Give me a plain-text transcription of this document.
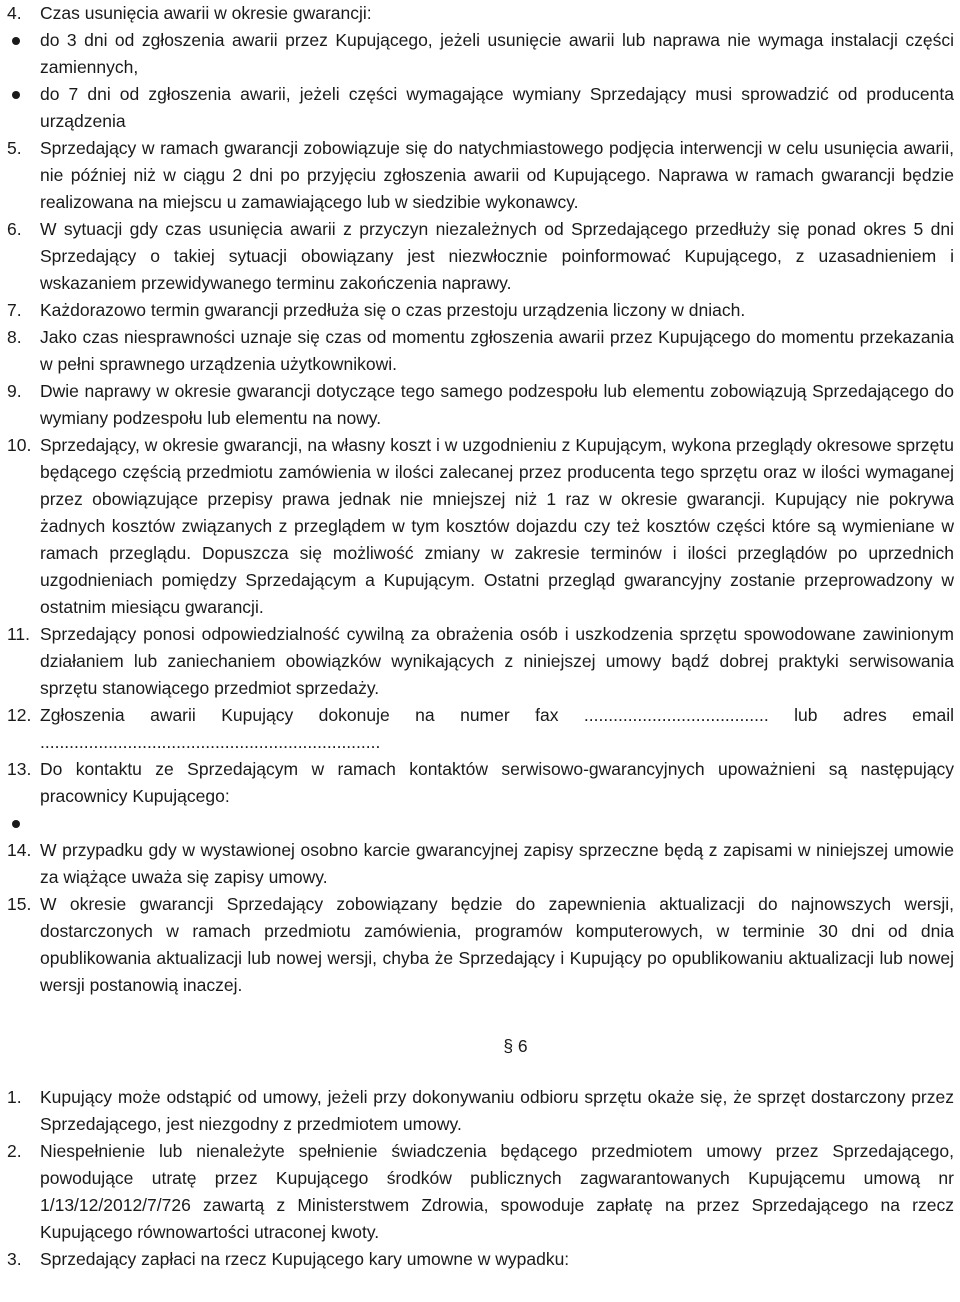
4.	Czas usunięcia awarii w okresie gwarancji:
do 3 dni od zgłoszenia awarii przez Kupującego, jeżeli usunięcie awarii lub naprawa nie wymaga instalacji części zamiennych,
do 7 dni od zgłoszenia awarii, jeżeli części wymagające wymiany Sprzedający musi sprowadzić od producenta urządzenia
5.	Sprzedający w ramach gwarancji zobowiązuje się do natychmiastowego podjęcia interwencji w celu usunięcia awarii, nie później niż w ciągu 2 dni po przyjęciu zgłoszenia awarii od Kupującego. Naprawa w ramach gwarancji będzie realizowana na miejscu u zamawiającego lub w siedzibie wykonawcy.
6.	W sytuacji gdy czas usunięcia awarii z przyczyn niezależnych od Sprzedającego przedłuży się ponad okres 5 dni Sprzedający o takiej sytuacji obowiązany jest niezwłocznie poinformować Kupującego, z uzasadnieniem i wskazaniem przewidywanego terminu zakończenia naprawy.
7.	Każdorazowo termin gwarancji przedłuża się o czas przestoju urządzenia liczony w dniach.
8.	Jako czas niesprawności uznaje się czas od momentu zgłoszenia awarii przez Kupującego do momentu przekazania w pełni sprawnego urządzenia użytkownikowi.
9.	Dwie naprawy w okresie gwarancji dotyczące tego samego podzespołu lub elementu zobowiązują Sprzedającego do wymiany podzespołu lub elementu na nowy.
10. Sprzedający, w okresie gwarancji, na własny koszt i w uzgodnieniu z Kupującym, wykona przeglądy okresowe sprzętu będącego częścią przedmiotu zamówienia w ilości zalecanej przez producenta tego sprzętu oraz w ilości wymaganej przez obowiązujące przepisy prawa jednak nie mniejszej niż 1 raz w okresie gwarancji. Kupujący nie pokrywa żadnych kosztów związanych z przeglądem w tym kosztów dojazdu czy też kosztów części które są wymieniane w ramach przeglądu. Dopuszcza się możliwość zmiany w zakresie terminów i ilości przeglądów po uprzednich uzgodnieniach pomiędzy Sprzedającym a Kupującym. Ostatni przegląd gwarancyjny zostanie przeprowadzony w ostatnim miesiącu gwarancji.
11. Sprzedający ponosi odpowiedzialność cywilną za obrażenia osób i uszkodzenia sprzętu spowodowane zawinionym działaniem lub zaniechaniem obowiązków wynikających z niniejszej umowy bądź dobrej praktyki serwisowania sprzętu stanowiącego przedmiot sprzedaży.
12. Zgłoszenia awarii Kupujący dokonuje na numer fax ...................................... lub adres email ......................................................................
13. Do kontaktu ze Sprzedającym w ramach kontaktów serwisowo-gwarancyjnych upoważnieni są następujący pracownicy Kupującego:

14. W przypadku gdy w wystawionej osobno karcie gwarancyjnej zapisy sprzeczne będą z zapisami w niniejszej umowie za wiążące uważa się zapisy umowy.
15. W okresie gwarancji Sprzedający zobowiązany będzie do zapewnienia aktualizacji do najnowszych wersji, dostarczonych w ramach przedmiotu zamówienia, programów komputerowych, w terminie 30 dni od dnia opublikowania aktualizacji lub nowej wersji, chyba że Sprzedający i Kupujący po opublikowaniu aktualizacji lub nowej wersji postanowią inaczej.
§ 6
1.	Kupujący może odstąpić od umowy, jeżeli przy dokonywaniu odbioru sprzętu okaże się, że sprzęt dostarczony przez Sprzedającego, jest niezgodny z przedmiotem umowy.
2.	Niespełnienie lub nienależyte spełnienie świadczenia będącego przedmiotem umowy przez Sprzedającego, powodujące utratę przez Kupującego środków publicznych zagwarantowanych Kupującemu umową nr 1/13/12/2012/7/726 zawartą z Ministerstwem Zdrowia, spowoduje zapłatę na przez Sprzedającego na rzecz Kupującego równowartości utraconej kwoty.
3.	Sprzedający zapłaci na rzecz Kupującego kary umowne w wypadku:
